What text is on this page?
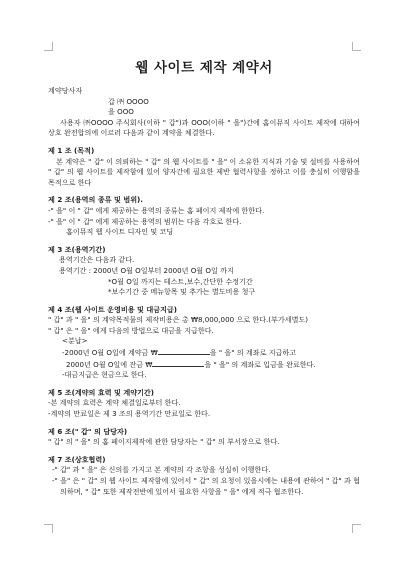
웹 사이트 제작 계약서

계약당사자

갑 ㈜ OOOO

을 OOO

사용자 ㈜OOOO 주식회사(이하 " 갑")과 OOO(이하 " 을")간에 홈이뮤직 사이트 제작에 대하여 상호 완전합의에 이르러 다음과 같이 계약을 체결한다.

제 1 조 (목적)

본 계약은 " 갑" 이 의뢰하는 " 갑" 의 웹 사이트를 " 을" 이 소유한 지식과 기술 및 설비를 사용하여 " 갑" 의 웹 사이트를 제작함에 있어 양자간에 필요한 제반 협력사항을 정하고 이를 충실히 이행함을 목적으로 한다

제 2 조(용역의 종류 및 범위).

-" 을" 이 " 갑" 에게 제공하는 용역의 종류는 홈 페이지 제작에 한한다.

-" 을" 이 " 갑" 에게 제공하는 용역의 범위는 다음 각호로 한다.

홈이뮤직 웹 사이트 디자인 및 코딩

제 3 조(용역기간)

용역기간은 다음과 같다.

용역기간 : 2000년 O월 O일부터 2000년 O월 O일 까지

*O월 O일 까지는 테스트,보수,간단한 수정기간

*보수기간 중 메뉴항목 및 추가는 별도비용 청구

제 4 조(웹 사이트 운영비용 및 대금지급)

" 갑" 과 " 을" 의 계약목적물의 제작비용은 총 ₩8,000,000 으로 한다.(부가세별도)

" 갑" 은 " 을" 에게 다음의 방법으로 대금을 지급한다.

<분납>

-2000년 O월 O일에 계약금 ₩	을 " 을" 의 계좌로 지급하고

2000년 O월 O일에 잔금 ₩	을 " 을" 의 계좌로 입금을 완료한다.

-대금지급은 현금으로 한다.

제 5 조(계약의 효력 및 계약기간)

-본 계약의 효력은 계약 체결일로부터 한다.

-계약의 만료일은 제 3 조의 용역기간 만료일로 한다.

제 6 조(" 갑" 의 담당자)

" 갑" 의 " 을" 의 홈 페이지제작에 관한 담당자는 " 갑" 의 부서장으로 한다.

제 7 조(상호협력)

-" 갑" 과 " 을" 은 신의를 가지고 본 계약의 각 조항을 성실히 이행한다.

-" 을" 은 " 갑" 의 웹 사이트 제작함에 있어서 " 갑" 의 요청이 있을시에는 내용에 관하여 " 갑" 과 협의하며, " 갑" 또한 제작전반에 있어서 필요한 사항을 " 을" 에게 적극 협조한다.
